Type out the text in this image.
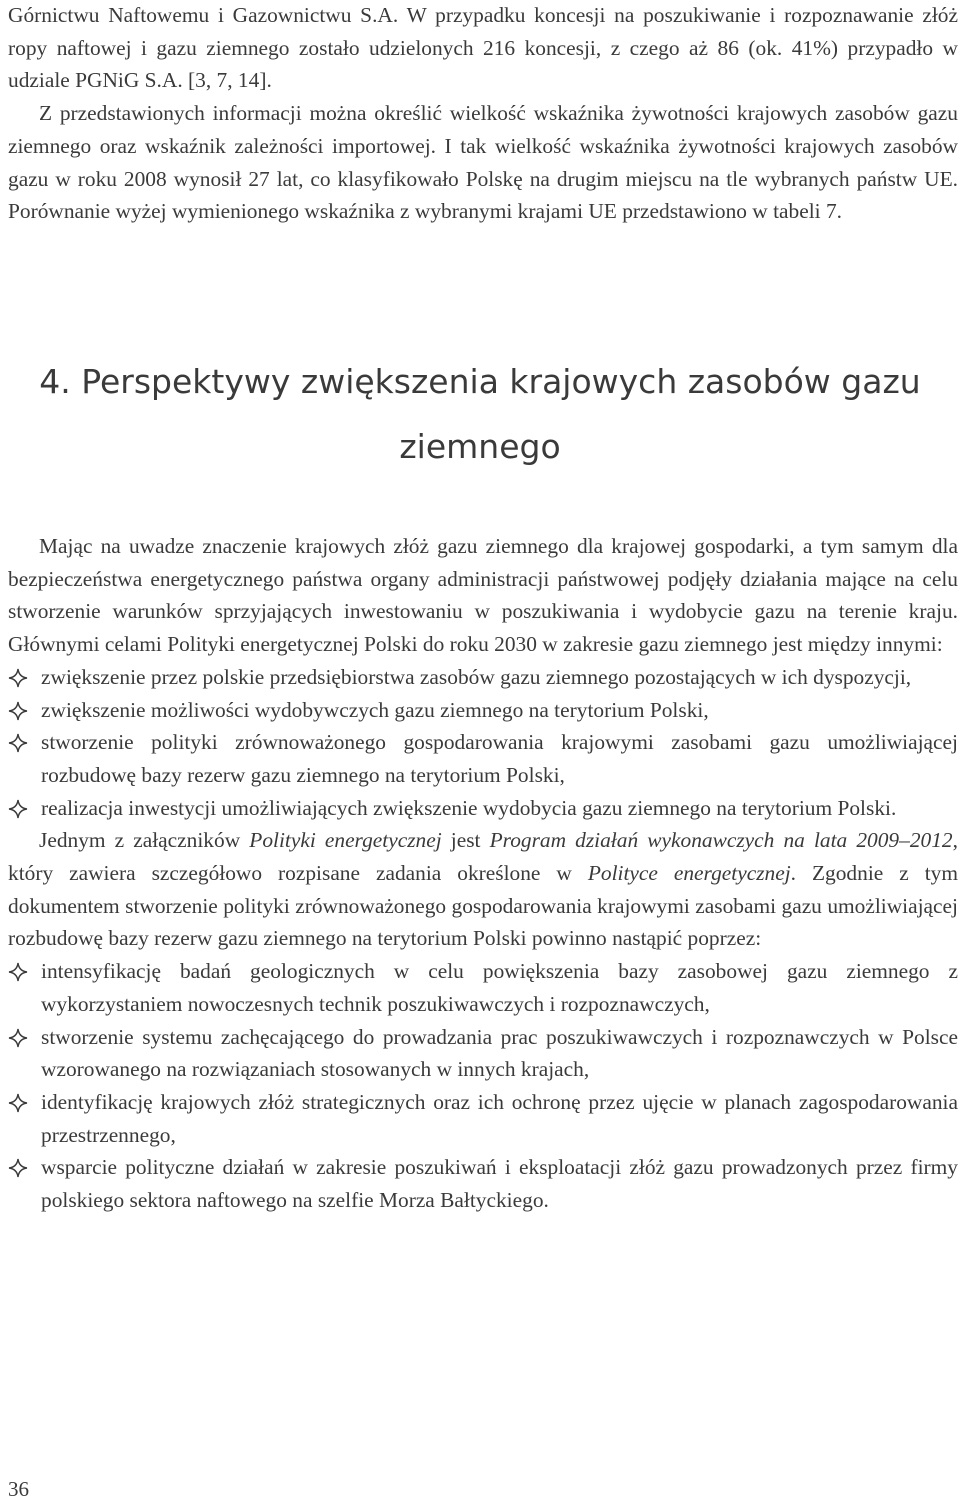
Górnictwu Naftowemu i Gazownictwu S.A. W przypadku koncesji na poszukiwanie i rozpoznawanie złóż ropy naftowej i gazu ziemnego zostało udzielonych 216 koncesji, z czego aż 86 (ok. 41%) przypadło w udziale PGNiG S.A. [3, 7, 14].

Z przedstawionych informacji można określić wielkość wskaźnika żywotności krajowych zasobów gazu ziemnego oraz wskaźnik zależności importowej. I tak wielkość wskaźnika żywotności krajowych zasobów gazu w roku 2008 wynosił 27 lat, co klasyfikowało Polskę na drugim miejscu na tle wybranych państw UE. Porównanie wyżej wymienionego wskaźnika z wybranymi krajami UE przedstawiono w tabeli 7.

4. Perspektywy zwiększenia krajowych zasobów gazu
ziemnego

Mając na uwadze znaczenie krajowych złóż gazu ziemnego dla krajowej gospodarki, a tym samym dla bezpieczeństwa energetycznego państwa organy administracji państwowej podjęły działania mające na celu stworzenie warunków sprzyjających inwestowaniu w poszukiwania i wydobycie gazu na terenie kraju. Głównymi celami Polityki energetycznej Polski do roku 2030 w zakresie gazu ziemnego jest między innymi:

zwiększenie przez polskie przedsiębiorstwa zasobów gazu ziemnego pozostających w ich dyspozycji,
zwiększenie możliwości wydobywczych gazu ziemnego na terytorium Polski,
stworzenie polityki zrównoważonego gospodarowania krajowymi zasobami gazu umożliwiającej rozbudowę bazy rezerw gazu ziemnego na terytorium Polski,
realizacja inwestycji umożliwiających zwiększenie wydobycia gazu ziemnego na terytorium Polski.

Jednym z załączników Polityki energetycznej jest Program działań wykonawczych na lata 2009–2012, który zawiera szczegółowo rozpisane zadania określone w Polityce energetycznej. Zgodnie z tym dokumentem stworzenie polityki zrównoważonego gospodarowania krajowymi zasobami gazu umożliwiającej rozbudowę bazy rezerw gazu ziemnego na terytorium Polski powinno nastąpić poprzez:

intensyfikację badań geologicznych w celu powiększenia bazy zasobowej gazu ziemnego z wykorzystaniem nowoczesnych technik poszukiwawczych i rozpoznawczych,
stworzenie systemu zachęcającego do prowadzania prac poszukiwawczych i rozpoznawczych w Polsce wzorowanego na rozwiązaniach stosowanych w innych krajach,
identyfikację krajowych złóż strategicznych oraz ich ochronę przez ujęcie w planach zagospodarowania przestrzennego,
wsparcie polityczne działań w zakresie poszukiwań i eksploatacji złóż gazu prowadzonych przez firmy polskiego sektora naftowego na szelfie Morza Bałtyckiego.
36
